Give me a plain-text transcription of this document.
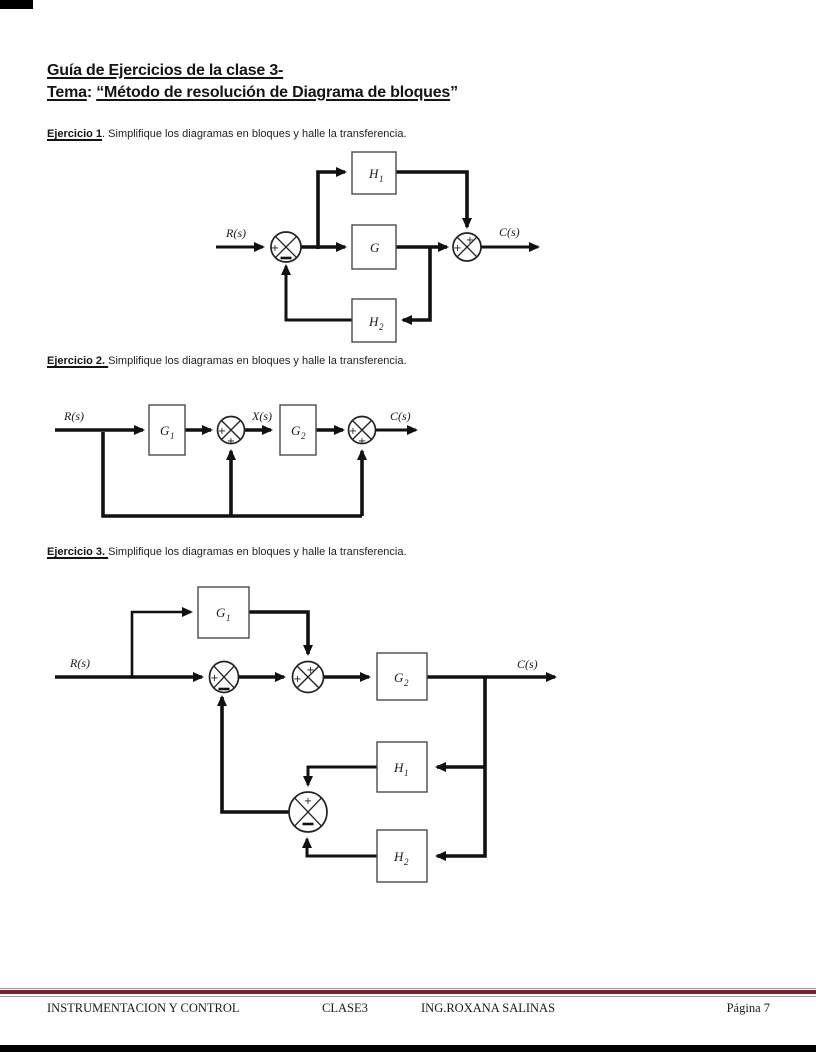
Guía de Ejercicios de la clase 3-
Tema: “Método de resolución de Diagrama de bloques”
Ejercicio 1. Simplifique los diagramas en bloques y halle la transferencia.
+	+
+
H 1
G
H 2
R(s)	C(s)
Ejercicio 2. Simplifique los diagramas en bloques y halle la transferencia.
G 1	+
+
G 2	+
+
R(s)	X(s)	C(s)
Ejercicio 3. Simplifique los diagramas en bloques y halle la transferencia.
G 1
+
+
+	G 2
H 1
H 2
+
R(s)	C(s)
INSTRUMENTACION Y CONTROL	CLASE3	ING.ROXANA SALINAS	Página 7
